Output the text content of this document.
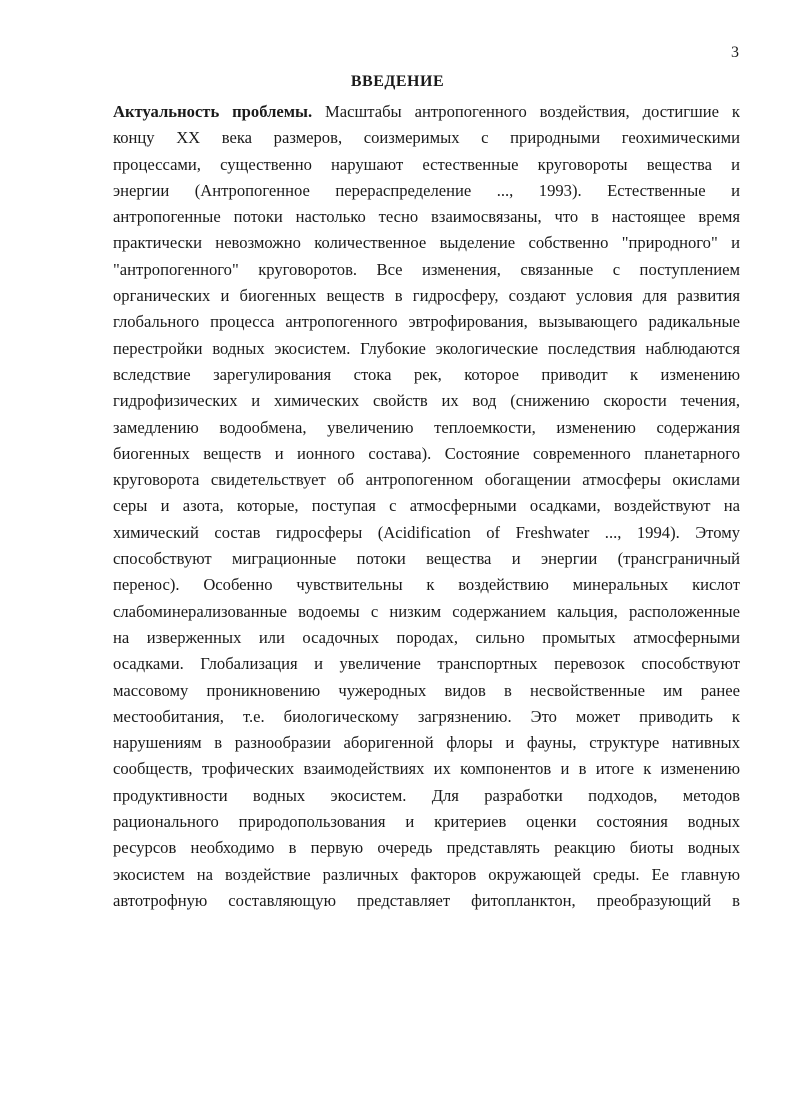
3
ВВЕДЕНИЕ
Актуальность проблемы. Масштабы антропогенного воздействия, достигшие к
концу XX века размеров, соизмеримых с природными геохимическими
процессами, существенно нарушают естественные круговороты вещества и
энергии (Антропогенное перераспределение ..., 1993). Естественные и
антропогенные потоки настолько тесно взаимосвязаны, что в настоящее время
практически невозможно количественное выделение собственно "природного" и
"антропогенного" круговоротов. Все изменения, связанные с поступлением
органических и биогенных веществ в гидросферу, создают условия для развития
глобального процесса антропогенного эвтрофирования, вызывающего радикальные
перестройки водных экосистем. Глубокие экологические последствия наблюдаются
вследствие зарегулирования стока рек, которое приводит к изменению
гидрофизических и химических свойств их вод (снижению скорости течения,
замедлению водообмена, увеличению теплоемкости, изменению содержания
биогенных веществ и ионного состава). Состояние современного планетарного
круговорота свидетельствует об антропогенном обогащении атмосферы окислами
серы и азота, которые, поступая с атмосферными осадками, воздействуют на
химический состав гидросферы (Acidification of Freshwater ..., 1994). Этому
способствуют миграционные потоки вещества и энергии (трансграничный
перенос). Особенно чувствительны к воздействию минеральных кислот
слабоминерализованные водоемы с низким содержанием кальция, расположенные
на изверженных или осадочных породах, сильно промытых атмосферными
осадками. Глобализация и увеличение транспортных перевозок способствуют
массовому проникновению чужеродных видов в несвойственные им ранее
местообитания, т.е. биологическому загрязнению. Это может приводить к
нарушениям в разнообразии аборигенной флоры и фауны, структуре нативных
сообществ, трофических взаимодействиях их компонентов и в итоге к изменению
продуктивности водных экосистем. Для разработки подходов, методов
рационального природопользования и критериев оценки состояния водных
ресурсов необходимо в первую очередь представлять реакцию биоты водных
экосистем на воздействие различных факторов окружающей среды. Ее главную
автотрофную составляющую представляет фитопланктон, преобразующий в
